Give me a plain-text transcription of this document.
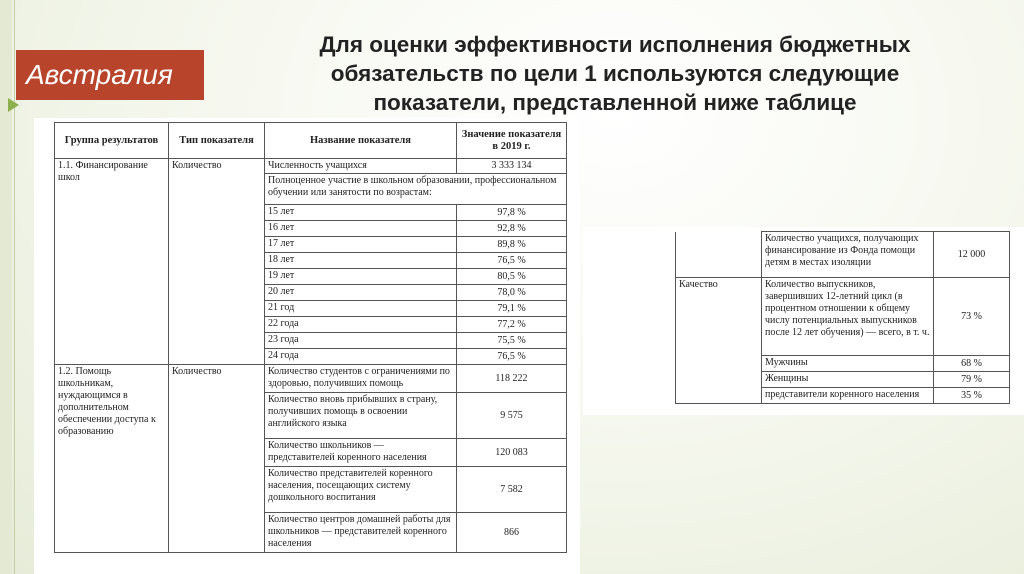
Австралия
Для оценки эффективности исполнения бюджетных
обязательств по цели 1 используются следующие
показатели, представленной ниже таблице
Группа результатов	Тип показателя	Название показателя	Значение показателя в 2019 г.
1.1. Финансирование школ	Количество	Численность учащихся	3 333 134
		Полноценное участие в школьном образовании, профессиональном обучении или занятости по возрастам:	
		15 лет	97,8 %
		16 лет	92,8 %
		17 лет	89,8 %
		18 лет	76,5 %
		19 лет	80,5 %
		20 лет	78,0 %
		21 год	79,1 %
		22 года	77,2 %
		23 года	75,5 %
		24 года	76,5 %
1.2. Помощь школьникам, нуждающимся в дополнительном обеспечении доступа к образованию	Количество	Количество студентов с ограничениями по здоровью, получивших помощь	118 222
		Количество вновь прибывших в страну, получивших помощь в освоении английского языка	9 575
		Количество школьников — представителей коренного населения	120 083
		Количество представителей коренного населения, посещающих систему дошкольного воспитания	7 582
		Количество центров домашней работы для школьников — представителей коренного населения	866
	Количество учащихся, получающих финансирование из Фонда помощи детям в местах изоляции	12 000
Качество	Количество выпускников, завершивших 12-летний цикл (в процентном отношении к общему числу потенциальных выпускников после 12 лет обучения) — всего, в т. ч.	73 %
	Мужчины	68 %
	Женщины	79 %
	представители коренного населения	35 %
